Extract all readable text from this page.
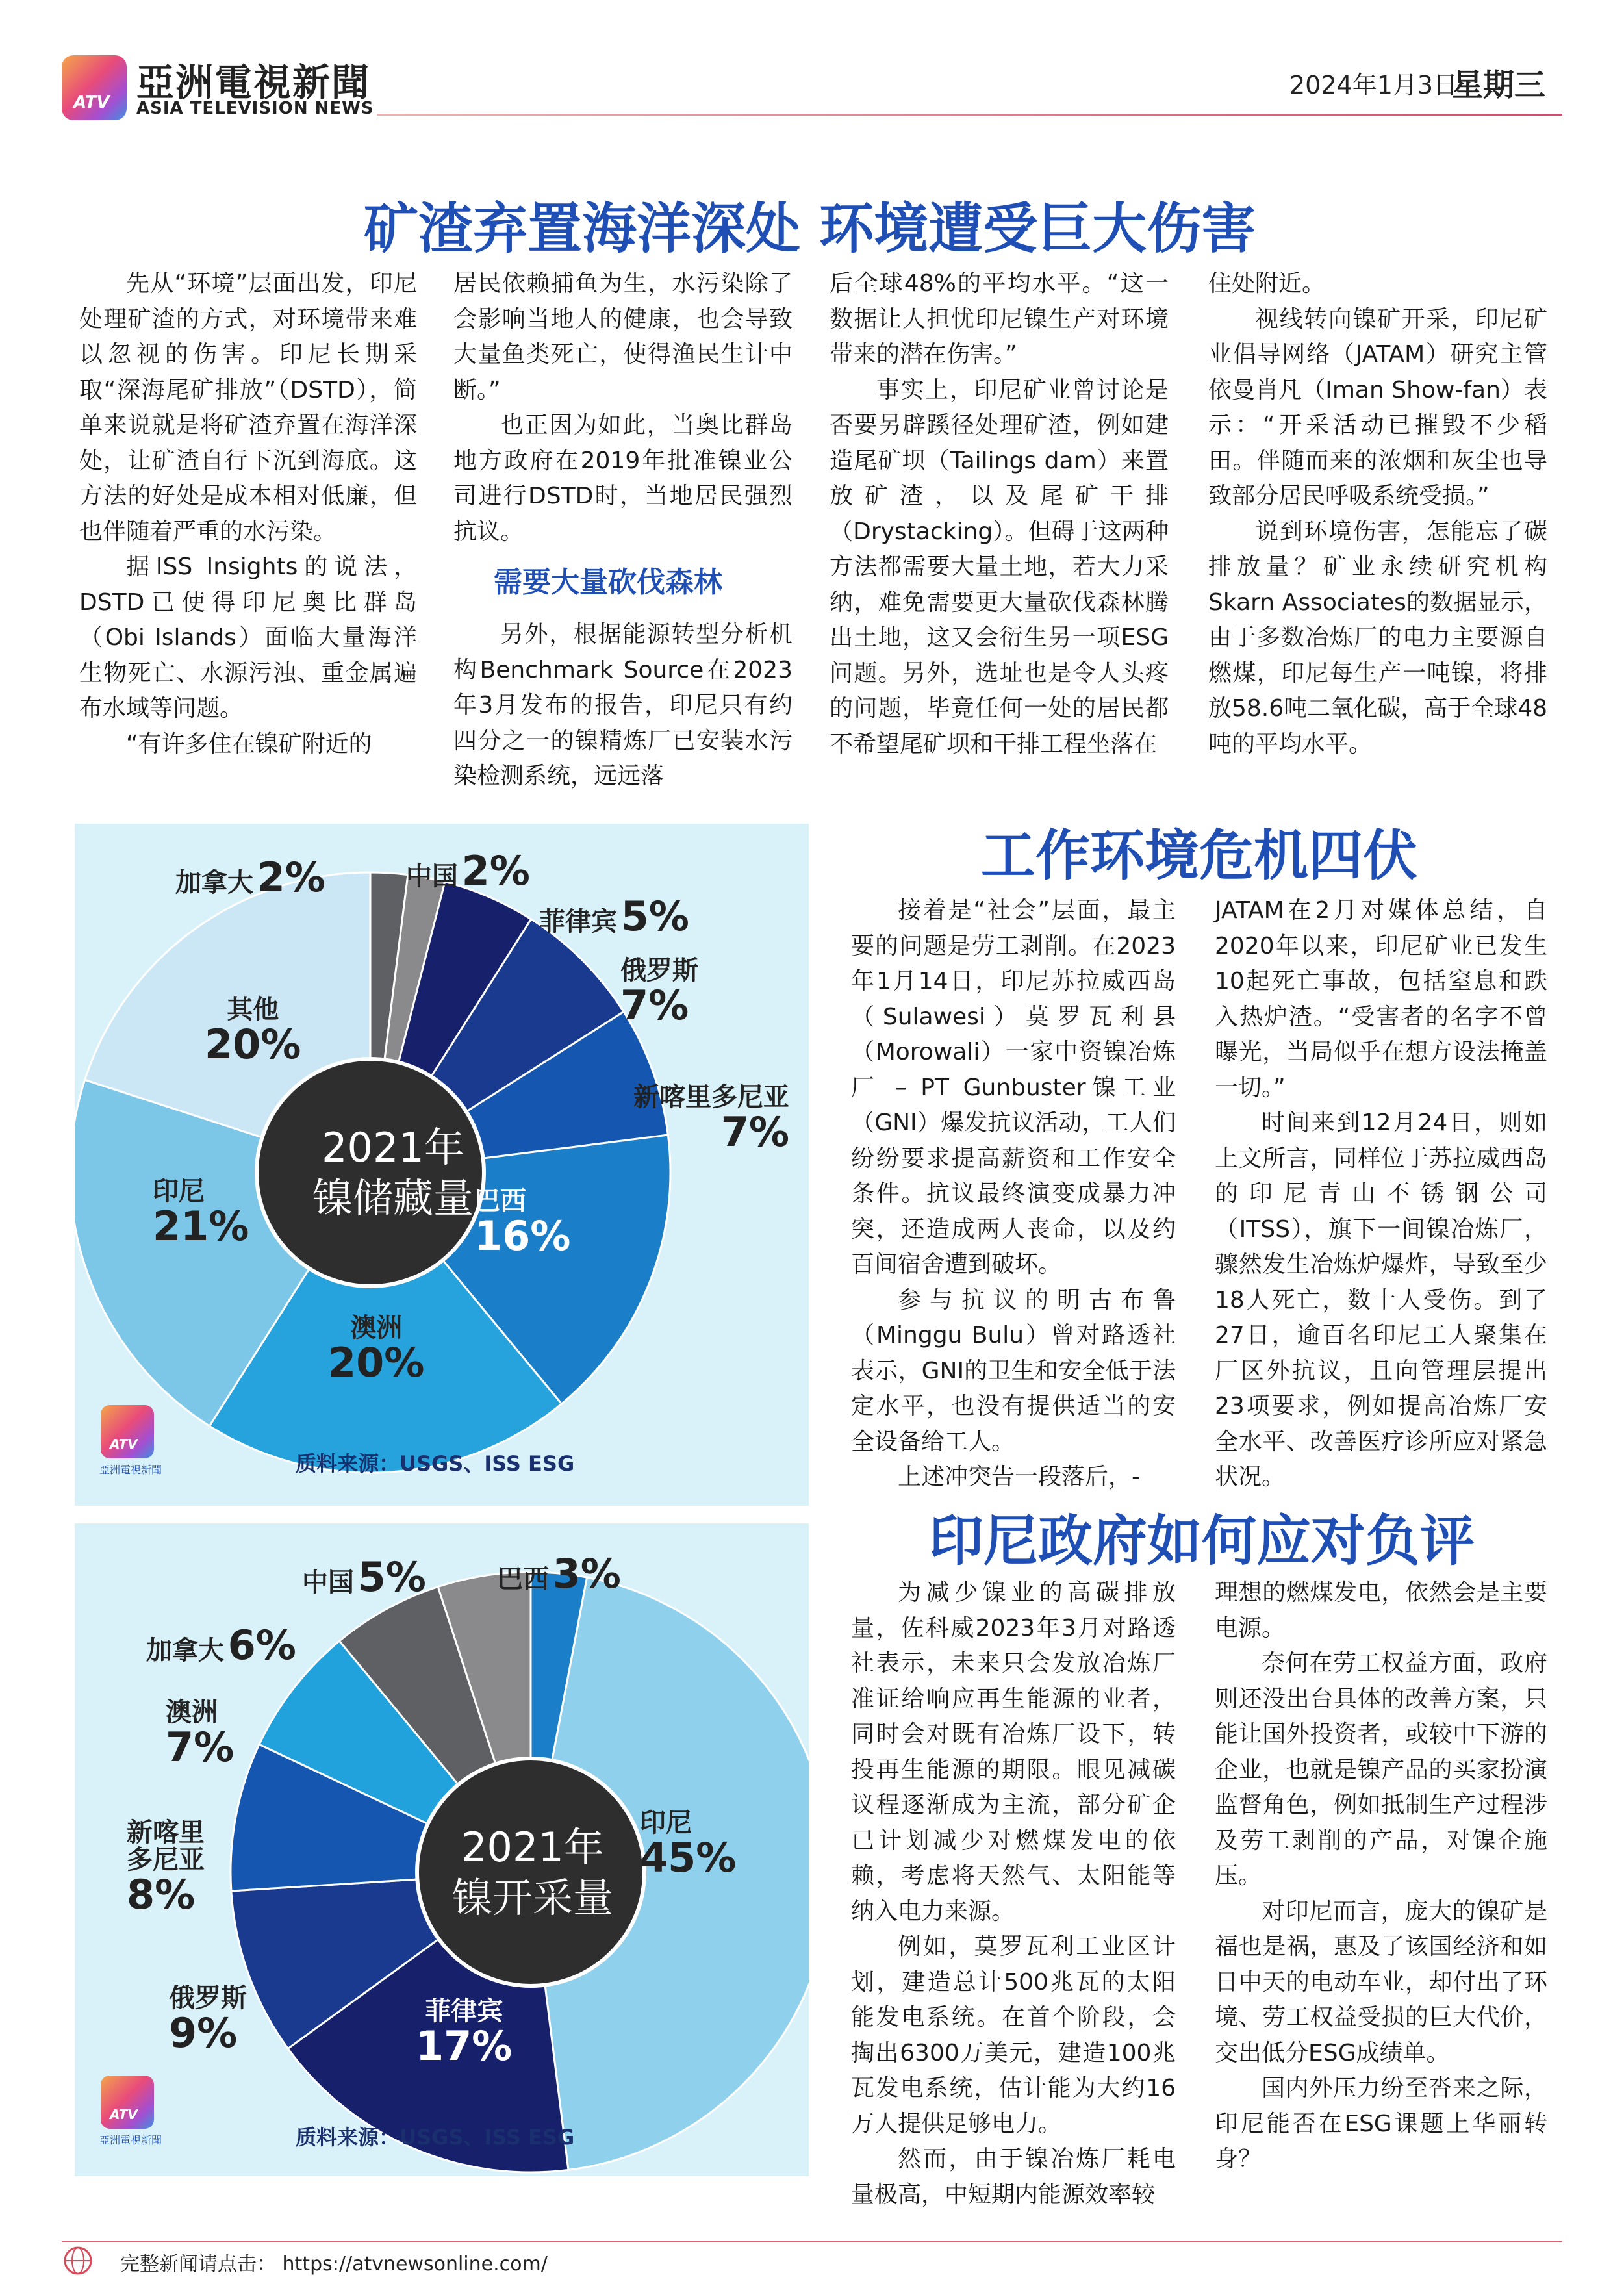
ATV 亞洲電視新聞
ASIA TELEVISION NEWS
2024年1月3日
星期三
矿渣弃置海洋深处 环境遭受巨大伤害

先从“环境”层面出发，印尼处理矿渣的方式，对环境带来难以忽视的伤害。印尼长期采取“深海尾矿排放”（DSTD），简单来说就是将矿渣弃置在海洋深处，让矿渣自行下沉到海底。这方法的好处是成本相对低廉，但也伴随着严重的水污染。

据ISS Insights的说法，DSTD已使得印尼奥比群岛（Obi Islands）面临大量海洋生物死亡、水源污浊、重金属遍布水域等问题。

“有许多住在镍矿附近的

居民依赖捕鱼为生，水污染除了会影响当地人的健康，也会导致大量鱼类死亡，使得渔民生计中断。”

也正因为如此，当奥比群岛地方政府在2019年批准镍业公司进行DSTD时，当地居民强烈抗议。

需要大量砍伐森林

另外，根据能源转型分析机构Benchmark Source在2023年3月发布的报告，印尼只有约四分之一的镍精炼厂已安装水污染检测系统，远远落

后全球48%的平均水平。“这一数据让人担忧印尼镍生产对环境带来的潜在伤害。”

事实上，印尼矿业曾讨论是否要另辟蹊径处理矿渣，例如建造尾矿坝（Tailings dam）来置放矿渣，以及尾矿干排（Drystacking）。但碍于这两种方法都需要大量土地，若大力采纳，难免需要更大量砍伐森林腾出土地，这又会衍生另一项ESG问题。另外，选址也是令人头疼的问题，毕竟任何一处的居民都不希望尾矿坝和干排工程坐落在

住处附近。

视线转向镍矿开采，印尼矿业倡导网络（JATAM）研究主管依曼肖凡（Iman Show-fan）表示：“开采活动已摧毁不少稻田。伴随而来的浓烟和灰尘也导致部分居民呼吸系统受损。”

说到环境伤害，怎能忘了碳排放量？矿业永续研究机构Skarn Associates的数据显示，由于多数冶炼厂的电力主要源自燃煤，印尼每生产一吨镍，将排放58.6吨二氧化碳，高于全球48吨的平均水平。

2021年
镍储藏量
加拿大 2%	中国 2%
菲律宾 5%
俄罗斯
7%
新喀里多尼亚
7%
巴西
16%
澳洲
20%
印尼
21%
其他
20%
ATV
亞洲電視新聞	质料来源：USGS、ISS ESG
工作环境危机四伏

接着是“社会”层面，最主要的问题是劳工剥削。在2023年1月14日，印尼苏拉威西岛（Sulawesi）莫罗瓦利县（Morowali）一家中资镍冶炼厂 – PT Gunbuster镍工业（GNI）爆发抗议活动，工人们纷纷要求提高薪资和工作安全条件。抗议最终演变成暴力冲突，还造成两人丧命，以及约百间宿舍遭到破坏。

参与抗议的明古布鲁（Minggu Bulu）曾对路透社表示，GNI的卫生和安全低于法定水平，也没有提供适当的安全设备给工人。

上述冲突告一段落后，-

JATAM在2月对媒体总结，自2020年以来，印尼矿业已发生10起死亡事故，包括窒息和跌入热炉渣。“受害者的名字不曾曝光，当局似乎在想方设法掩盖一切。”

时间来到12月24日，则如上文所言，同样位于苏拉威西岛的印尼青山不锈钢公司（ITSS），旗下一间镍冶炼厂，骤然发生冶炼炉爆炸，导致至少18人死亡，数十人受伤。到了27日，逾百名印尼工人聚集在厂区外抗议，且向管理层提出23项要求，例如提高冶炼厂安全水平、改善医疗诊所应对紧急状况。

2021年
镍开采量
巴西 3%
印尼
45%
菲律宾
17%
俄罗斯
9%
新喀里多尼亚
8%
澳洲
7%
加拿大 6%
中国 5%
ATV
亞洲電視新聞	质料来源：USGS、ISS ESG
印尼政府如何应对负评

为减少镍业的高碳排放量，佐科威2023年3月对路透社表示，未来只会发放冶炼厂准证给响应再生能源的业者，同时会对既有冶炼厂设下，转投再生能源的期限。眼见减碳议程逐渐成为主流，部分矿企已计划减少对燃煤发电的依赖，考虑将天然气、太阳能等纳入电力来源。

例如，莫罗瓦利工业区计划，建造总计500兆瓦的太阳能发电系统。在首个阶段，会掏出6300万美元，建造100兆瓦发电系统，估计能为大约16万人提供足够电力。

然而，由于镍冶炼厂耗电量极高，中短期内能源效率较

理想的燃煤发电，依然会是主要电源。

奈何在劳工权益方面，政府则还没出台具体的改善方案，只能让国外投资者，或较中下游的企业，也就是镍产品的买家扮演监督角色，例如抵制生产过程涉及劳工剥削的产品，对镍企施压。

对印尼而言，庞大的镍矿是福也是祸，惠及了该国经济和如日中天的电动车业，却付出了环境、劳工权益受损的巨大代价，交出低分ESG成绩单。

国内外压力纷至沓来之际，印尼能否在ESG课题上华丽转身？

完整新闻请点击： https://atvnewsonline.com/
